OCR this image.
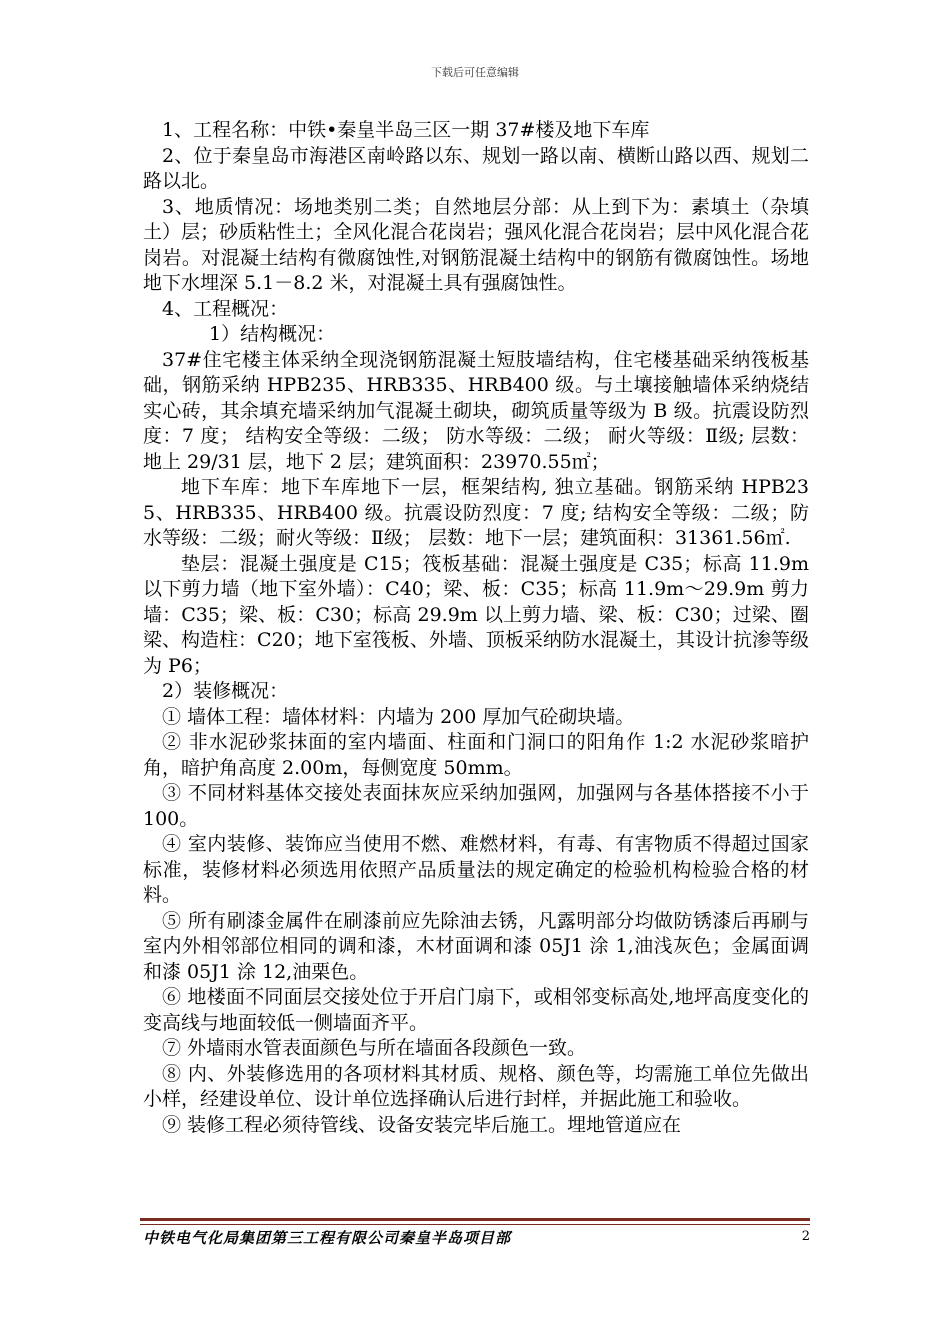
下载后可任意编辑

1、工程名称：中铁•秦皇半岛三区一期 37#楼及地下车库

2、位于秦皇岛市海港区南岭路以东、规划一路以南、横断山路以西、规划二路以北。

3、地质情况：场地类别二类；自然地层分部：从上到下为：素填土（杂填土）层；砂质粘性土；全风化混合花岗岩；强风化混合花岗岩；层中风化混合花岗岩。对混凝土结构有微腐蚀性,对钢筋混凝土结构中的钢筋有微腐蚀性。场地地下水埋深 5.1－8.2 米，对混凝土具有强腐蚀性。

4、工程概况：

1）结构概况：

37#住宅楼主体采纳全现浇钢筋混凝土短肢墙结构，住宅楼基础采纳筏板基础，钢筋采纳 HPB235、HRB335、HRB400 级。与土壤接触墙体采纳烧结实心砖，其余填充墙采纳加气混凝土砌块，砌筑质量等级为 B 级。抗震设防烈度：7 度； 结构安全等级：二级； 防水等级：二级； 耐火等级：Ⅱ级; 层数：地上 29/31 层，地下 2 层；建筑面积：23970.55㎡；

地下车库：地下车库地下一层，框架结构, 独立基础。钢筋采纳 HPB235、HRB335、HRB400 级。抗震设防烈度：7 度; 结构安全等级：二级；防水等级：二级；耐火等级：Ⅱ级； 层数：地下一层；建筑面积：31361.56㎡.

垫层：混凝土强度是 C15；筏板基础：混凝土强度是 C35；标高 11.9m 以下剪力墙（地下室外墙）：C40；梁、板：C35；标高 11.9m～29.9m 剪力墙：C35；梁、板：C30；标高 29.9m 以上剪力墙、梁、板：C30；过梁、圈梁、构造柱：C20；地下室筏板、外墙、顶板采纳防水混凝土，其设计抗渗等级为 P6；

2）装修概况：

① 墙体工程：墙体材料：内墙为 200 厚加气砼砌块墙。

② 非水泥砂浆抹面的室内墙面、柱面和门洞口的阳角作 1:2 水泥砂浆暗护角，暗护角高度 2.00m，每侧宽度 50mm。

③ 不同材料基体交接处表面抹灰应采纳加强网，加强网与各基体搭接不小于 100。

④ 室内装修、装饰应当使用不燃、难燃材料，有毒、有害物质不得超过国家标准，装修材料必须选用依照产品质量法的规定确定的检验机构检验合格的材料。

⑤ 所有刷漆金属件在刷漆前应先除油去锈，凡露明部分均做防锈漆后再刷与室内外相邻部位相同的调和漆，木材面调和漆 05J1 涂 1,油浅灰色；金属面调和漆 05J1 涂 12,油栗色。

⑥ 地楼面不同面层交接处位于开启门扇下，或相邻变标高处,地坪高度变化的变高线与地面较低一侧墙面齐平。

⑦ 外墙雨水管表面颜色与所在墙面各段颜色一致。

⑧ 内、外装修选用的各项材料其材质、规格、颜色等，均需施工单位先做出小样，经建设单位、设计单位选择确认后进行封样，并据此施工和验收。

⑨ 装修工程必须待管线、设备安装完毕后施工。埋地管道应在

中铁电气化局集团第三工程有限公司秦皇半岛项目部	2
